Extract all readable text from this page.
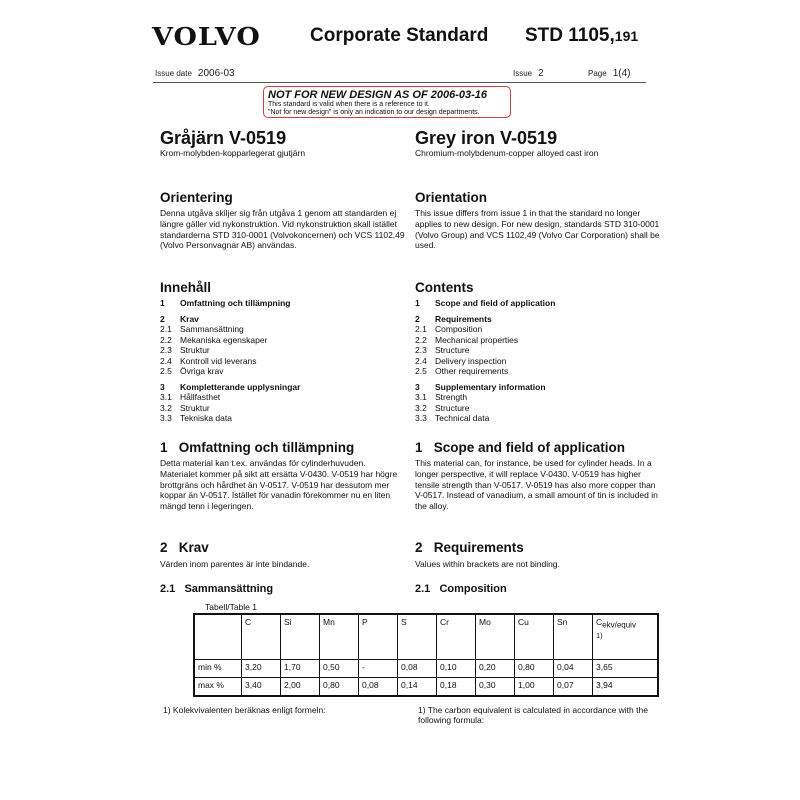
VOLVO	Corporate Standard STD 1105,191
Issue date 2006-03	Issue 2	Page 1(4)
NOT FOR NEW DESIGN AS OF 2006-03-16
This standard is valid when there is a reference to it.
"Not for new design" is only an indication to our design departments.
Gråjärn V-0519
Krom-molybden-kopparlegerat gjutjärn
Orientering
Denna utgåva skiljer sig från utgåva 1 genom att standarden ej längre gäller vid nykonstruktion. Vid nykonstruktion skall istället standarderna STD 310-0001 (Volvokoncernen) och VCS 1102,49 (Volvo Personvagnar AB) användas.
Innehåll
1	Omfattning och tillämpning
2	Krav
2.1 Sammansättning
2.2 Mekaniska egenskaper
2.3 Struktur
2.4 Kontroll vid leverans
2.5 Övriga krav
3	Kompletterande upplysningar
3.1 Hållfasthet
3.2 Struktur
3.3 Tekniska data
1   Omfattning och tillämpning
Detta material kan t.ex. användas för cylinderhuvuden. Materialet kommer på sikt att ersätta V-0430. V-0519 har högre brottgräns och hårdhet än V-0517. V-0519 har dessutom mer koppar än V-0517. Istället för vanadin förekommer nu en liten mängd tenn i legeringen.
2   Krav
Värden inom parentes är inte bindande.
2.1   Sammansättning
Grey iron V-0519
Chromium-molybdenum-copper alloyed cast iron
Orientation
This issue differs from issue 1 in that the standard no longer applies to new design. For new design, standards STD 310-0001 (Volvo Group) and VCS 1102,49 (Volvo Car Corporation) shall be used.
Contents
1	Scope and field of application
2	Requirements
2.1 Composition
2.2 Mechanical properties
2.3 Structure
2.4 Delivery inspection
2.5 Other requirements
3	Supplementary information
3.1 Strength
3.2 Structure
3.3 Technical data
1   Scope and field of application
This material can, for instance, be used for cylinder heads. In a longer perspective, it will replace V-0430. V-0519 has higher tensile strength than V-0517. V-0519 has also more copper than V-0517. Instead of vanadium, a small amount of tin is included in the alloy.
2   Requirements
Values within brackets are not binding.
2.1   Composition
Tabell/Table 1
	C	Si	Mn	P	S	Cr	Mo	Cu	Sn	$C_{ekv/equiv}$
1)
min %	3,20	1,70	0,50	-	0,08	0,10	0,20	0,80	0,04	3,65
max %	3,40	2,00	0,80	0,08	0,14	0,18	0,30	1,00	0,07	3,94
1) Kolekvivalenten beräknas enligt formeln:	1) The carbon equivalent is calculated in accordance with the following formula:
